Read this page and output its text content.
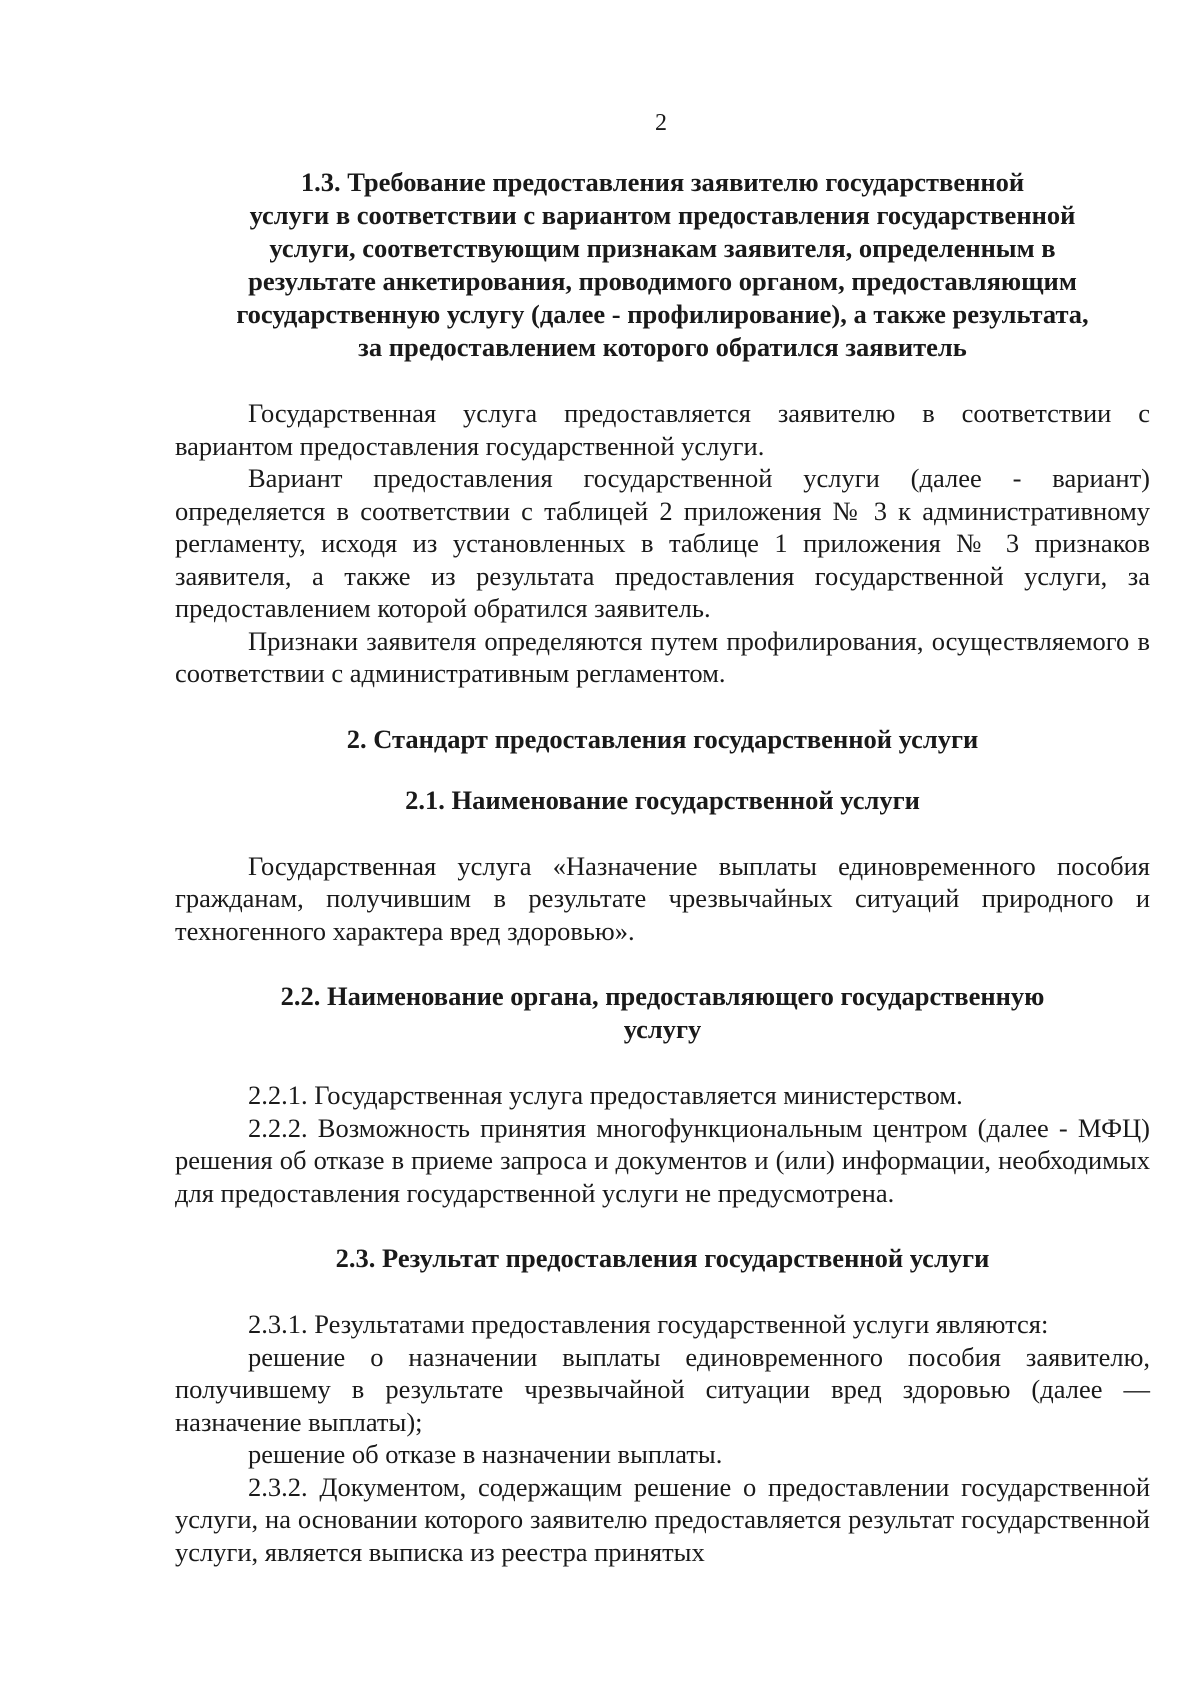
2
1.3. Требование предоставления заявителю государственной
услуги в соответствии с вариантом предоставления государственной
услуги, соответствующим признакам заявителя, определенным в
результате анкетирования, проводимого органом, предоставляющим
государственную услугу (далее - профилирование), а также результата,
за предоставлением которого обратился заявитель

Государственная услуга предоставляется заявителю в соответствии с вариантом предоставления государственной услуги.

Вариант предоставления государственной услуги (далее - вариант) определяется в соответствии с таблицей 2 приложения № 3 к административному регламенту, исходя из установленных в таблице 1 приложения № 3 признаков заявителя, а также из результата предоставления государственной услуги, за предоставлением которой обратился заявитель.

Признаки заявителя определяются путем профилирования, осуществляемого в соответствии с административным регламентом.

2. Стандарт предоставления государственной услуги
2.1. Наименование государственной услуги

Государственная услуга «Назначение выплаты единовременного пособия гражданам, получившим в результате чрезвычайных ситуаций природного и техногенного характера вред здоровью».

2.2. Наименование органа, предоставляющего государственную
услугу

2.2.1. Государственная услуга предоставляется министерством.

2.2.2. Возможность принятия многофункциональным центром (далее - МФЦ) решения об отказе в приеме запроса и документов и (или) информации, необходимых для предоставления государственной услуги не предусмотрена.

2.3. Результат предоставления государственной услуги

2.3.1. Результатами предоставления государственной услуги являются:

решение о назначении выплаты единовременного пособия заявителю, получившему в результате чрезвычайной ситуации вред здоровью (далее — назначение выплаты);

решение об отказе в назначении выплаты.

2.3.2. Документом, содержащим решение о предоставлении государственной услуги, на основании которого заявителю предоставляется результат государственной услуги, является выписка из реестра принятых
